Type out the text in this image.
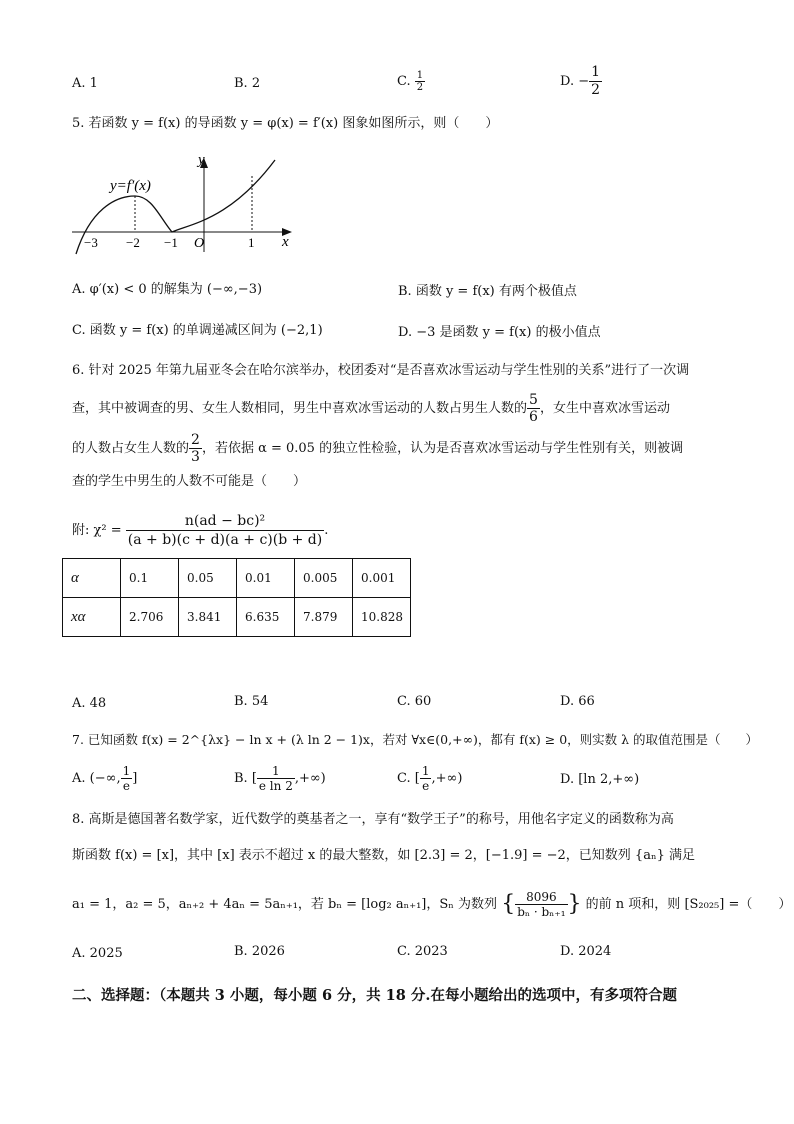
A. 1	B. 2	C. $\frac{1}{2}$	D. − $\frac{1}{2}$
5. 若函数 y = f(x) 的导函数 y = φ(x) = f′(x) 图象如图所示，则（　　）
y=f′(x)
y
x
O
−3 −2 −1	1
A. φ′(x) < 0 的解集为 (−∞,−3)	B. 函数 y = f(x) 有两个极值点
C. 函数 y = f(x) 的单调递减区间为 (−2,1)	D. −3 是函数 y = f(x) 的极小值点
6. 针对 2025 年第九届亚冬会在哈尔滨举办，校团委对“是否喜欢冰雪运动与学生性别的关系”进行了一次调
查，其中被调查的男、女生人数相同，男生中喜欢冰雪运动的人数占男生人数的 $\frac{5}{6}$ ，女生中喜欢冰雪运动
的人数占女生人数的 $\frac{2}{3}$ ，若依据 α = 0.05 的独立性检验，认为是否喜欢冰雪运动与学生性别有关，则被调
查的学生中男生的人数不可能是（　　）
附: $\chi^2 = \frac{\text{n(ad − bc)²}}{(a + b)(c + d)(a + c)(b + d)}$ .
α	0.1	0.05	0.01	0.005	0.001
xα	2.706	3.841	6.635	7.879	10.828
A. 48	B. 54	C. 60	D. 66
7. 已知函数 f(x) = 2^{λx} − ln x + (λ ln 2 − 1)x，若对 ∀x∈(0,+∞)，都有 f(x) ≥ 0，则实数 λ 的取值范围是（　　）
A. (−∞, $\frac{1}{e}$ ]	B. [ $\frac{1}{\text{e ln 2}}$ ,+∞)	C. [ $\frac{1}{e}$ ,+∞)	D. [ln 2,+∞)
8. 高斯是德国著名数学家，近代数学的奠基者之一，享有“数学王子”的称号，用他名字定义的函数称为高
斯函数 f(x) = [x]，其中 [x] 表示不超过 x 的最大整数，如 [2.3] = 2，[−1.9] = −2，已知数列 {aₙ} 满足
a₁ = 1，a₂ = 5，aₙ₊₂ + 4aₙ = 5aₙ₊₁，若 bₙ = [log₂ aₙ₊₁]，Sₙ 为数列 { $\frac{8096}{\text{bₙ · bₙ₊₁}}$ } 的前 n 项和，则 [S₂₀₂₅] =（　　）
A. 2025	B. 2026	C. 2023	D. 2024
二、选择题：（本题共 3 小题，每小题 6 分，共 18 分.在每小题给出的选项中，有多项符合题
